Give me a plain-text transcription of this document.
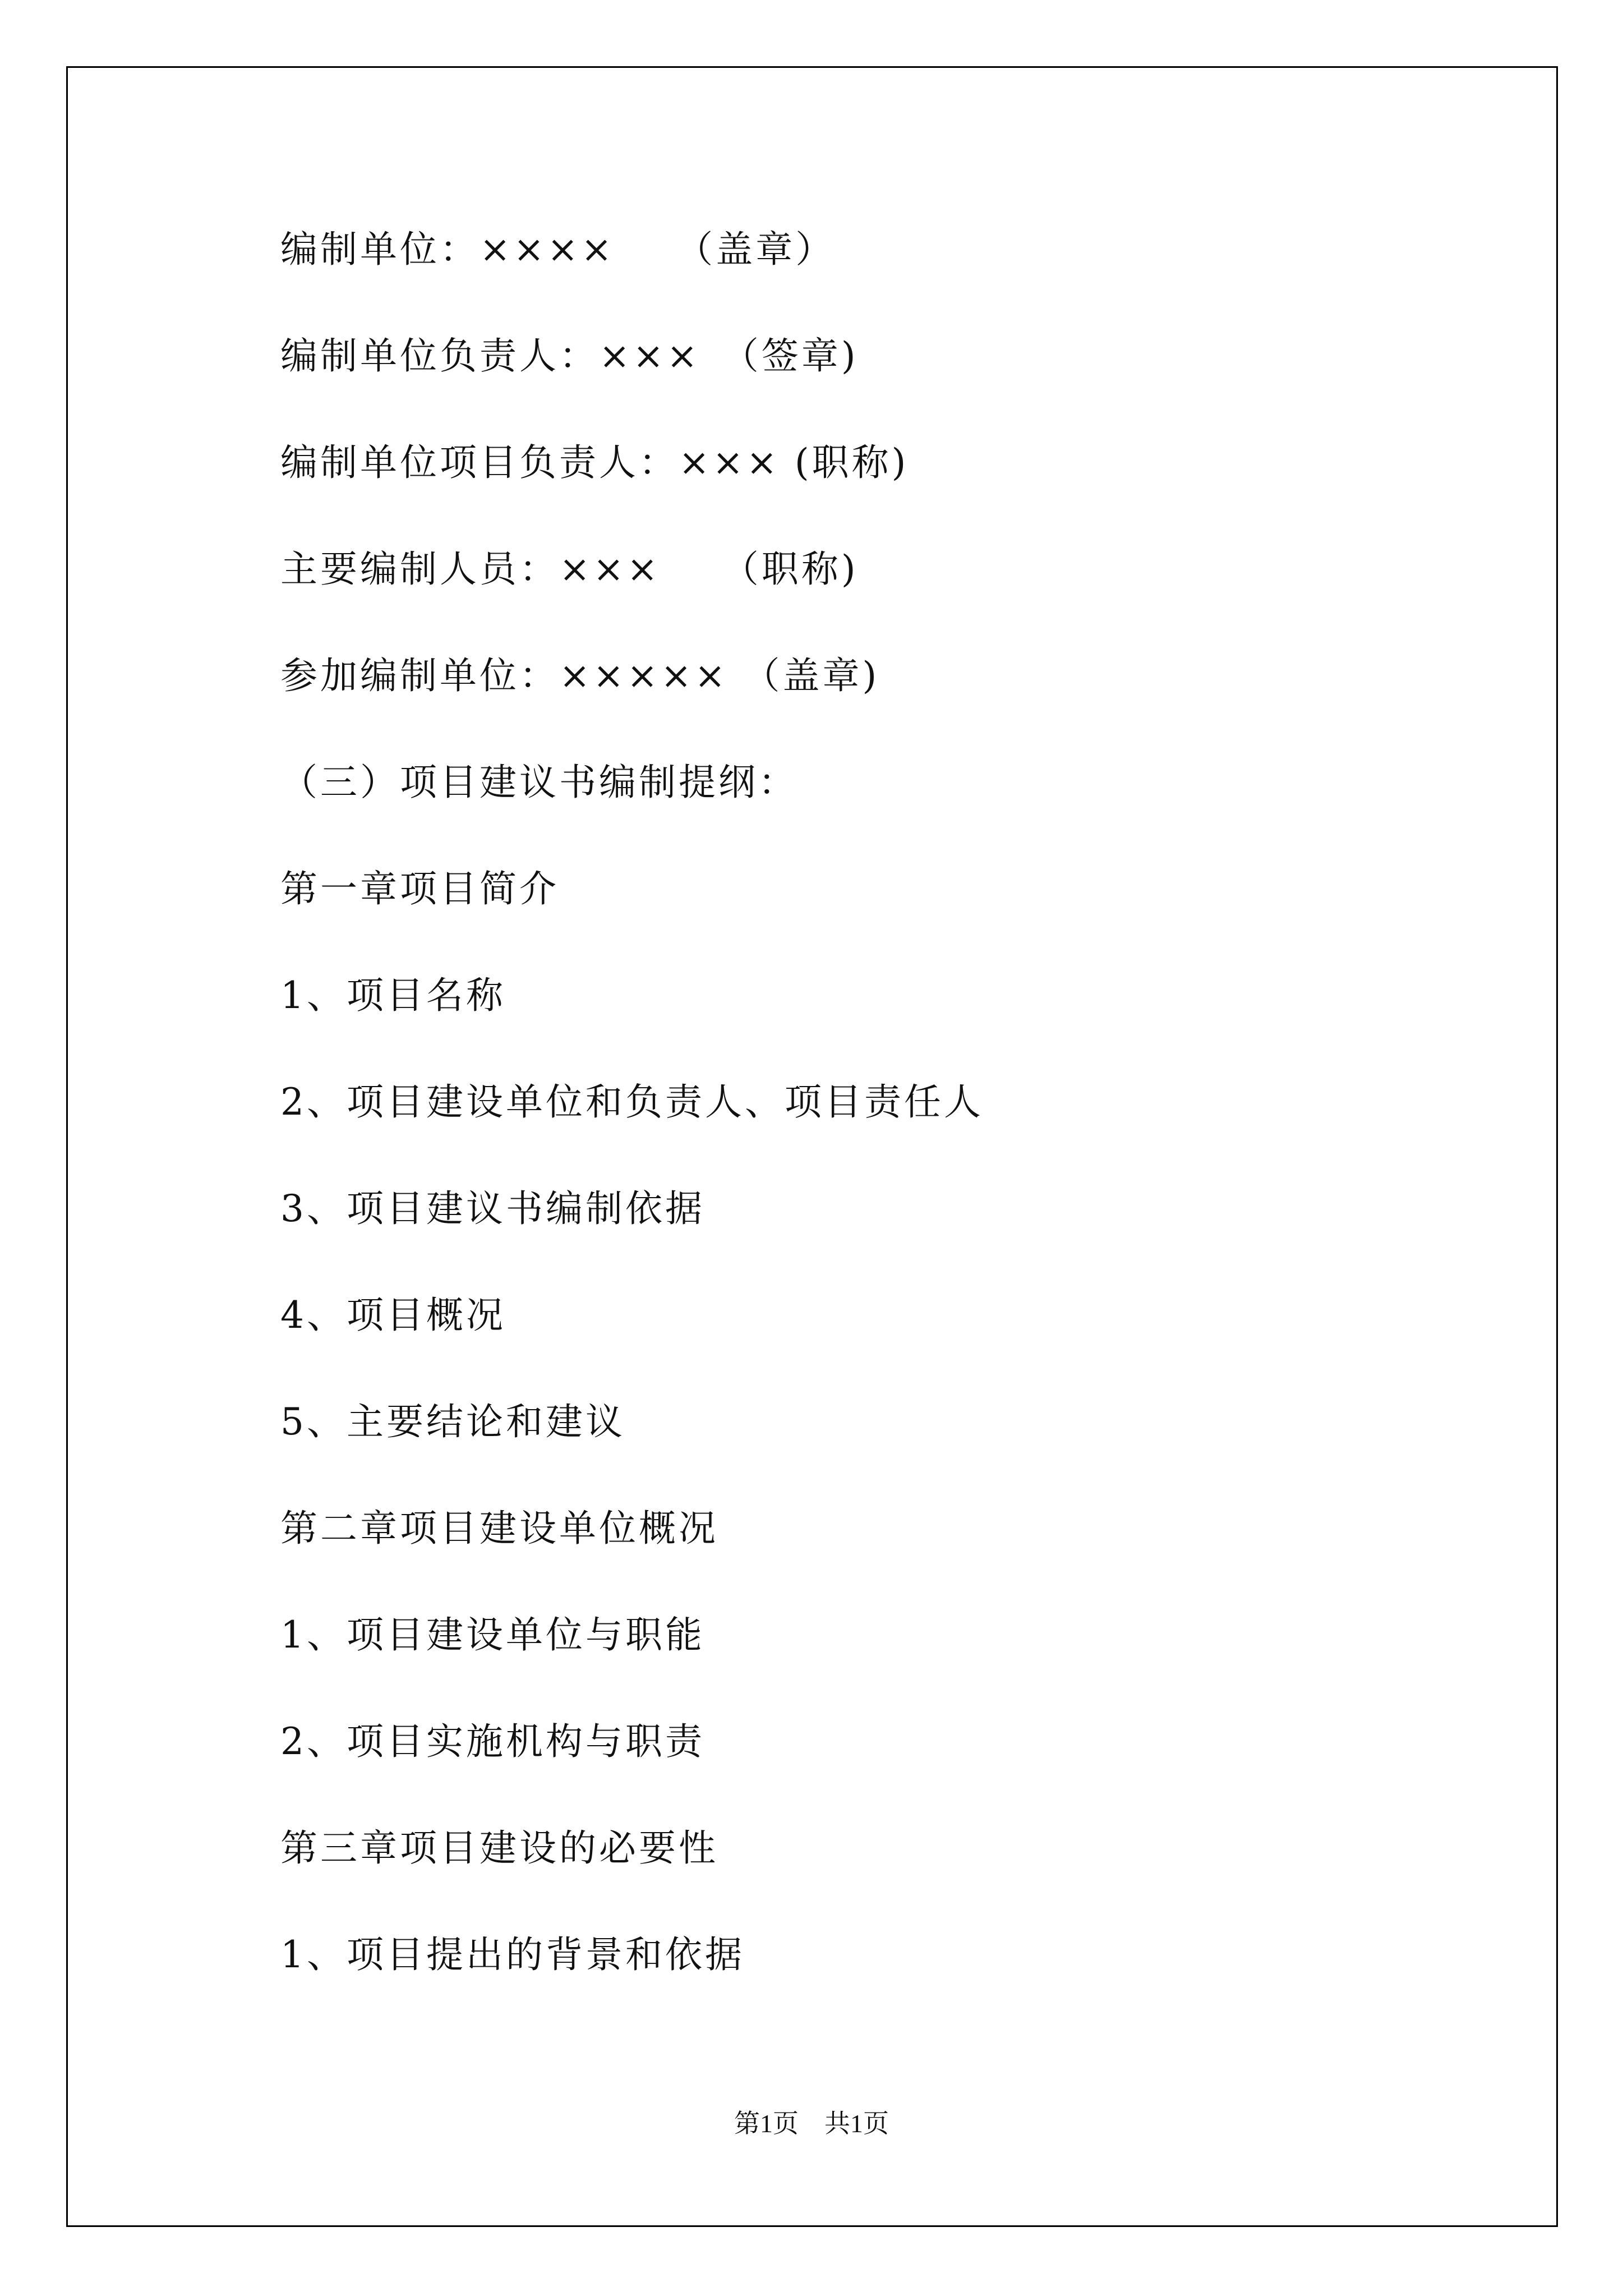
编制单位：××××　　（盖章）
编制单位负责人：×××　（签章)
编制单位项目负责人：××× (职称)
主要编制人员：×××　　（职称)
参加编制单位：××××× （盖章)
（三）项目建议书编制提纲：
第一章项目简介
1、项目名称
2、项目建设单位和负责人、项目责任人
3、项目建议书编制依据
4、项目概况
5、主要结论和建议
第二章项目建设单位概况
1、项目建设单位与职能
2、项目实施机构与职责
第三章项目建设的必要性
1、项目提出的背景和依据
第1页　共1页
